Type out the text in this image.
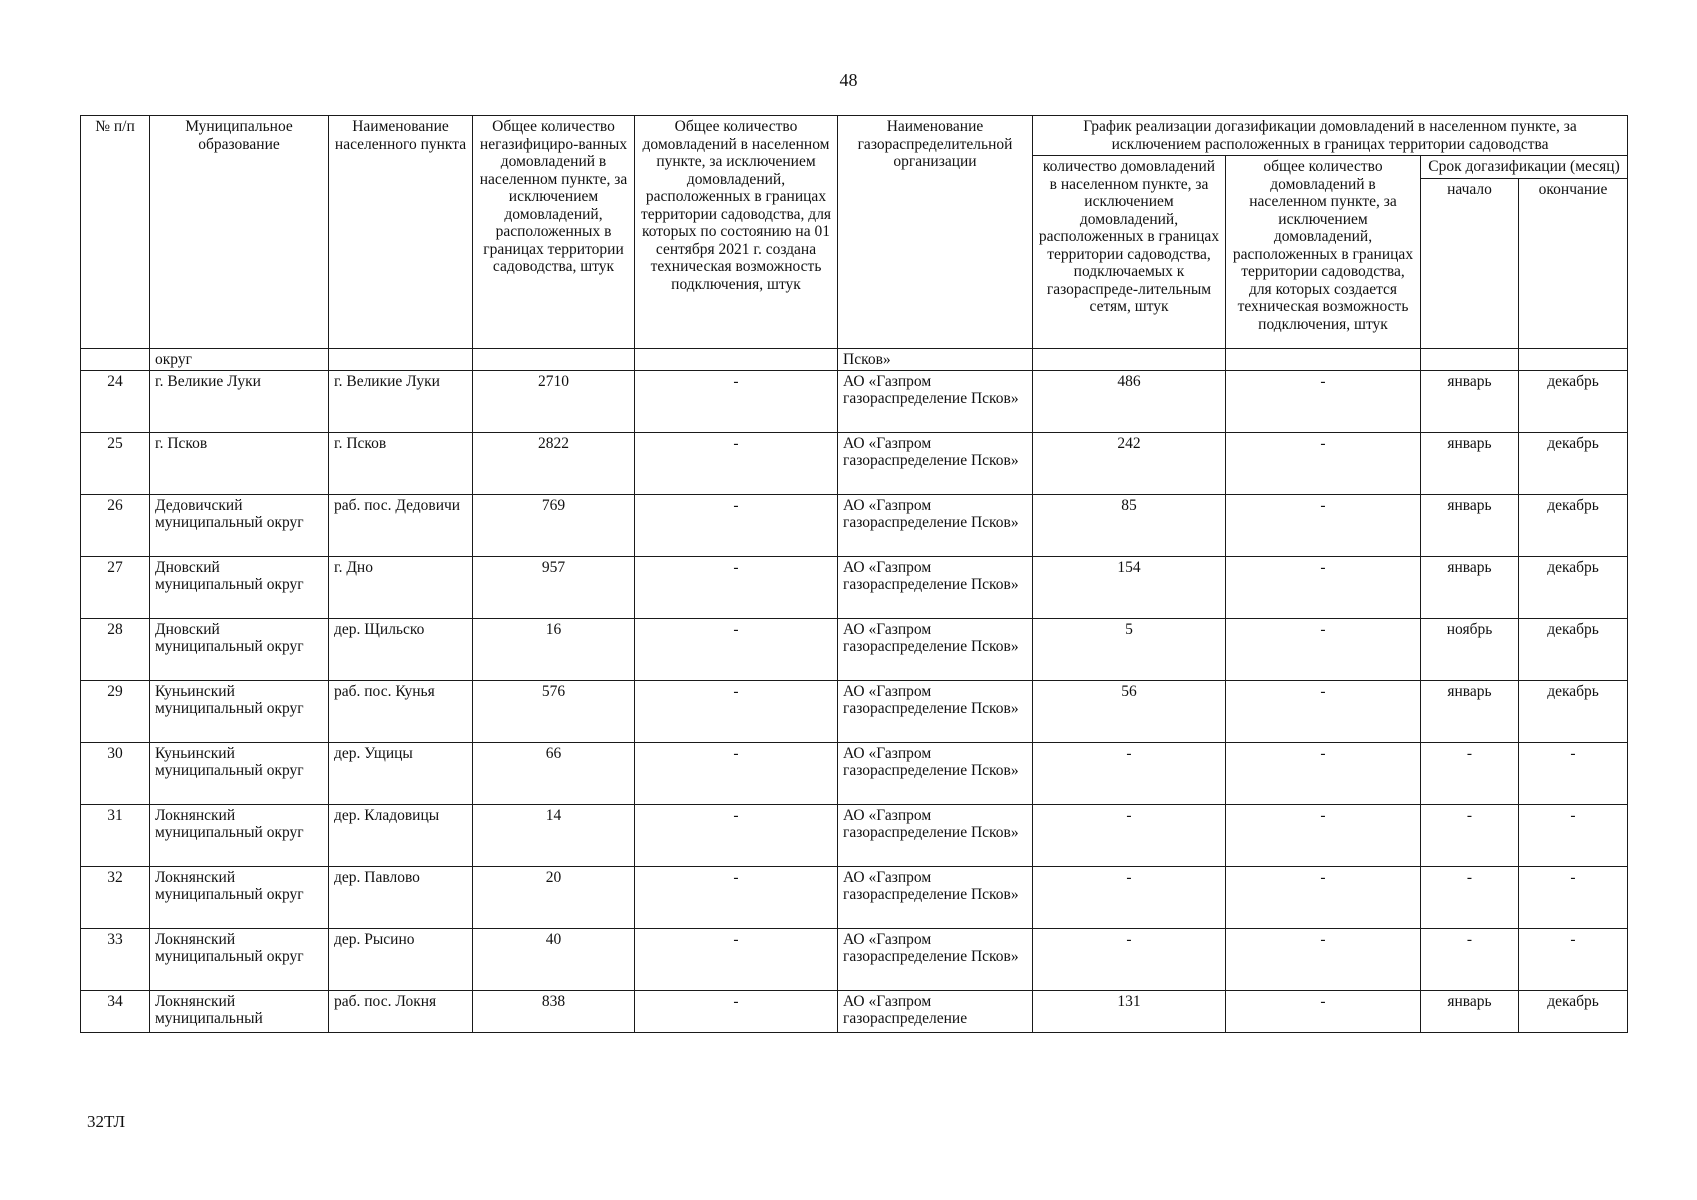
48
№ п/п	Муниципальное образование	Наименование населенного пункта	Общее количество негазифициро-ванных домовладений в населенном пункте, за исключением домовладений, расположенных в границах территории садоводства, штук	Общее количество домовладений в населенном пункте, за исключением домовладений, расположенных в границах территории садоводства, для которых по состоянию на 01 сентября 2021 г. создана техническая возможность подключения, штук	Наименование газораспределительной организации	График реализации догазификации домовладений в населенном пункте, за исключением расположенных в границах территории садоводства			
						количество домовладений в населенном пункте, за исключением домовладений, расположенных в границах территории садоводства, подключаемых к газораспреде-лительным сетям, штук	общее количество домовладений в населенном пункте, за исключением домовладений, расположенных в границах территории садоводства, для которых создается техническая возможность подключения, штук	Срок догазификации (месяц)	
								начало	окончание
	округ				Псков»				
24	г. Великие Луки	г. Великие Луки	2710	-	АО «Газпром газораспределение Псков»	486	-	январь	декабрь
25	г. Псков	г. Псков	2822	-	АО «Газпром газораспределение Псков»	242	-	январь	декабрь
26	Дедовичский муниципальный округ	раб. пос. Дедовичи	769	-	АО «Газпром газораспределение Псков»	85	-	январь	декабрь
27	Дновский муниципальный округ	г. Дно	957	-	АО «Газпром газораспределение Псков»	154	-	январь	декабрь
28	Дновский муниципальный округ	дер. Щильско	16	-	АО «Газпром газораспределение Псков»	5	-	ноябрь	декабрь
29	Куньинский муниципальный округ	раб. пос. Кунья	576	-	АО «Газпром газораспределение Псков»	56	-	январь	декабрь
30	Куньинский муниципальный округ	дер. Ущицы	66	-	АО «Газпром газораспределение Псков»	-	-	-	-
31	Локнянский муниципальный округ	дер. Кладовицы	14	-	АО «Газпром газораспределение Псков»	-	-	-	-
32	Локнянский муниципальный округ	дер. Павлово	20	-	АО «Газпром газораспределение Псков»	-	-	-	-
33	Локнянский муниципальный округ	дер. Рысино	40	-	АО «Газпром газораспределение Псков»	-	-	-	-
34	Локнянский муниципальный	раб. пос. Локня	838	-	АО «Газпром газораспределение	131	-	январь	декабрь
32ТЛ
